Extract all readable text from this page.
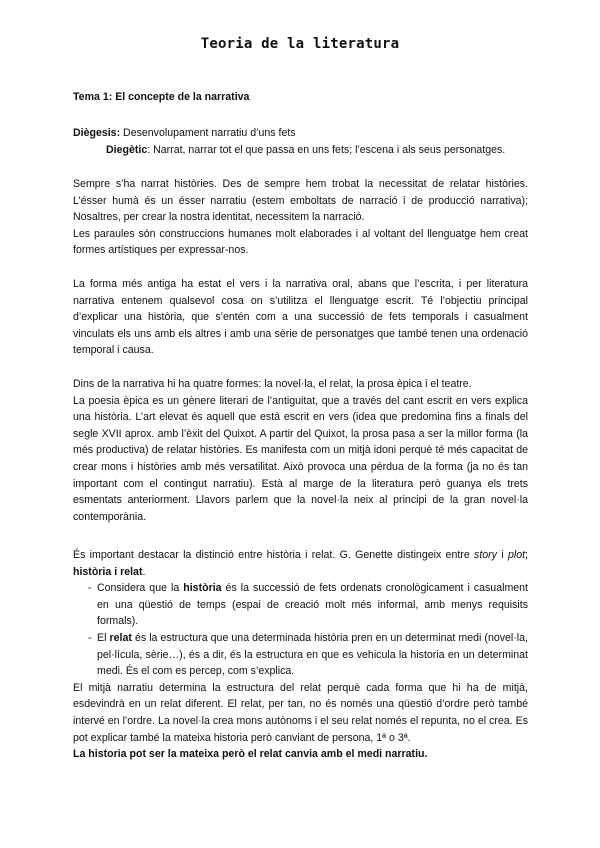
Teoria de la literatura
Tema 1: El concepte de la narrativa

Diègesis: Desenvolupament narratiu d’uns fets

Diegètic: Narrat, narrar tot el que passa en uns fets; l’escena i als seus personatges.

Sempre s’ha narrat històries. Des de sempre hem trobat la necessitat de relatar històries. L’ésser humà és un ésser narratiu (estem emboltats de narració i de producció narrativa); Nosaltres, per crear la nostra identitat, necessitem la narració.

Les paraules són construccions humanes molt elaborades i al voltant del llenguatge hem creat formes artístiques per expressar-nos.

La forma més antiga ha estat el vers i la narrativa oral, abans que l’escrita, i per literatura narrativa entenem qualsevol cosa on s’utilitza el llenguatge escrit. Té l’objectiu principal d’explicar una història, que s’entén com a una successió de fets temporals i casualment vinculats els uns amb els altres i amb una sèrie de personatges que també tenen una ordenació temporal i causa.

Dins de la narrativa hi ha quatre formes: la novel·la, el relat, la prosa èpica i el teatre.

La poesia èpica es un gènere literari de l’antiguitat, que a través del cant escrit en vers explica una història. L’art elevat és aquell que està escrit en vers (idea que predomina fins a finals del segle XVII aprox. amb l’èxit del Quixot. A partir del Quixot, la prosa pasa a ser la millor forma (la més productiva) de relatar històries. Es manifesta com un mitjà idoni perquè té més capacitat de crear mons i històries amb més versatilitat. Això provoca una pèrdua de la forma (ja no és tan important com el contingut narratiu). Està al marge de la literatura però guanya els trets esmentats anteriorment. Llavors parlem que la novel·la neix al principi de la gran novel·la contemporània.

És important destacar la distinció entre història i relat. G. Genette distingeix entre story i plot; història i relat.

- Considera que la història és la successió de fets ordenats cronològicament i casualment en una qüestió de temps (espai de creació molt més informal, amb menys requisits formals).
- El relat és la estructura que una determinada història pren en un determinat medi (novel·la, pel·lícula, sèrie…), és a dir, és la estructura en que es vehicula la historia en un determinat medi. És el com es percep, com s’explica.

El mitjà narratiu determina la estructura del relat perquè cada forma que hi ha de mitjà, esdevindrà en un relat diferent. El relat, per tan, no és només una qüestió d’ordre però també intervé en l’ordre. La novel·la crea mons autònoms i el seu relat només el repunta, no el crea. Es pot explicar també la mateixa historia però canviant de persona, 1ª o 3ª.

La historia pot ser la mateixa però el relat canvia amb el medi narratiu.
